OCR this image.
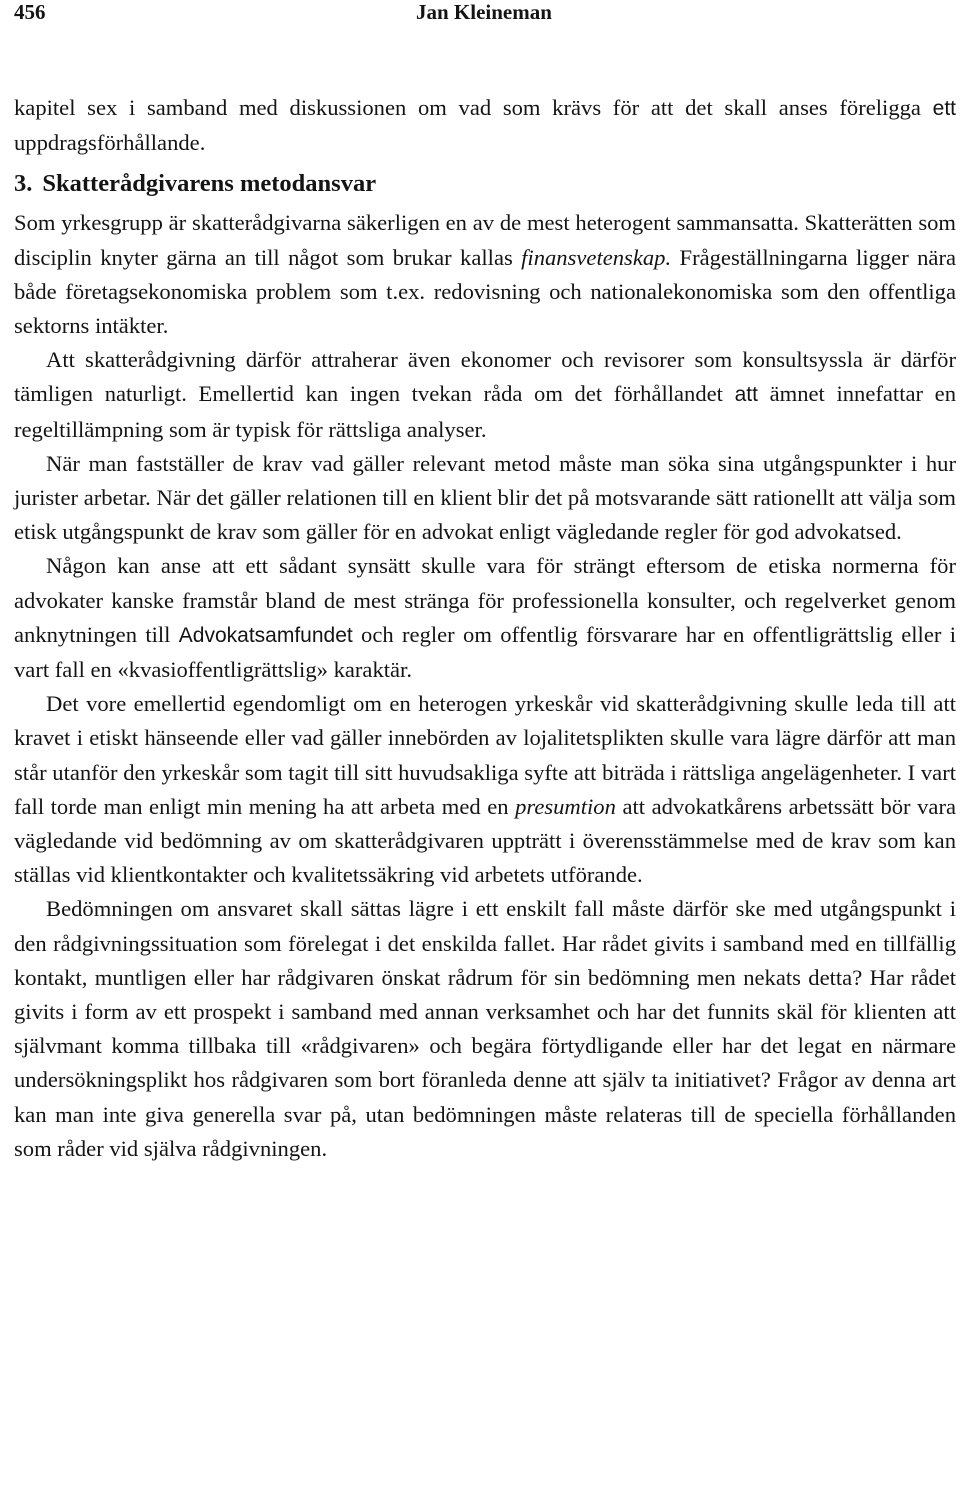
456	Jan Kleineman

kapitel sex i samband med diskussionen om vad som krävs för att det skall anses föreligga ett uppdragsförhållande.

3. Skatterådgivarens metodansvar

Som yrkesgrupp är skatterådgivarna säkerligen en av de mest heterogent sammansatta. Skatterätten som disciplin knyter gärna an till något som brukar kallas finansvetenskap. Frågeställningarna ligger nära både företagsekonomiska problem som t.ex. redovisning och nationalekonomiska som den offentliga sektorns intäkter.

Att skatterådgivning därför attraherar även ekonomer och revisorer som konsultsyssla är därför tämligen naturligt. Emellertid kan ingen tvekan råda om det förhållandet att ämnet innefattar en regeltillämpning som är typisk för rättsliga analyser.

När man fastställer de krav vad gäller relevant metod måste man söka sina utgångspunkter i hur jurister arbetar. När det gäller relationen till en klient blir det på motsvarande sätt rationellt att välja som etisk utgångspunkt de krav som gäller för en advokat enligt vägledande regler för god advokatsed.

Någon kan anse att ett sådant synsätt skulle vara för strängt eftersom de etiska normerna för advokater kanske framstår bland de mest stränga för professionella konsulter, och regelverket genom anknytningen till Advokatsamfundet och regler om offentlig försvarare har en offentligrättslig eller i vart fall en «kvasioffentligrättslig» karaktär.

Det vore emellertid egendomligt om en heterogen yrkeskår vid skatterådgivning skulle leda till att kravet i etiskt hänseende eller vad gäller innebörden av lojalitetsplikten skulle vara lägre därför att man står utanför den yrkeskår som tagit till sitt huvudsakliga syfte att biträda i rättsliga angelägenheter. I vart fall torde man enligt min mening ha att arbeta med en presumtion att advokatkårens arbetssätt bör vara vägledande vid bedömning av om skatterådgivaren uppträtt i överensstämmelse med de krav som kan ställas vid klientkontakter och kvalitetssäkring vid arbetets utförande.

Bedömningen om ansvaret skall sättas lägre i ett enskilt fall måste därför ske med utgångspunkt i den rådgivningssituation som förelegat i det enskilda fallet. Har rådet givits i samband med en tillfällig kontakt, muntligen eller har rådgivaren önskat rådrum för sin bedömning men nekats detta? Har rådet givits i form av ett prospekt i samband med annan verksamhet och har det funnits skäl för klienten att självmant komma tillbaka till «rådgivaren» och begära förtydligande eller har det legat en närmare undersökningsplikt hos rådgivaren som bort föranleda denne att själv ta initiativet? Frågor av denna art kan man inte giva generella svar på, utan bedömningen måste relateras till de speciella förhållanden som råder vid själva rådgivningen.
